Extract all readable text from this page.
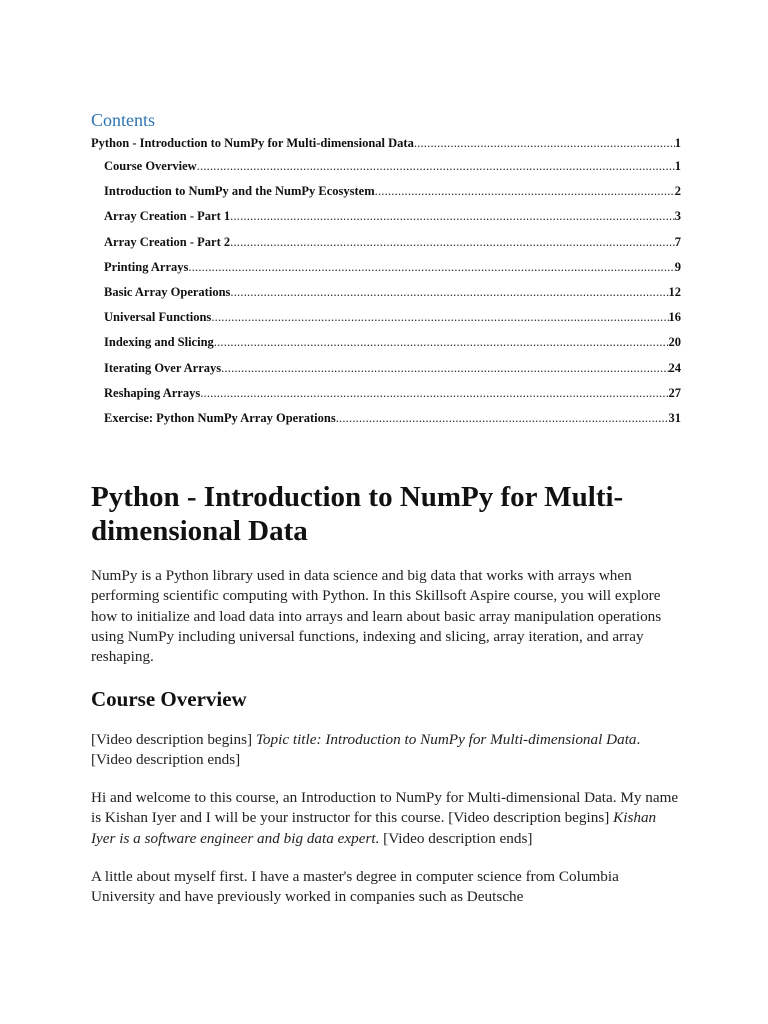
Contents
Python - Introduction to NumPy for Multi-dimensional Data .....	1
Course Overview .....	1
Introduction to NumPy and the NumPy Ecosystem .....	2
Array Creation - Part 1 .....	3
Array Creation - Part 2 .....	7
Printing Arrays .....	9
Basic Array Operations .....	12
Universal Functions .....	16
Indexing and Slicing .....	20
Iterating Over Arrays .....	24
Reshaping Arrays .....	27
Exercise: Python NumPy Array Operations .....	31
Python - Introduction to NumPy for Multi-dimensional Data

NumPy is a Python library used in data science and big data that works with arrays when performing scientific computing with Python. In this Skillsoft Aspire course, you will explore how to initialize and load data into arrays and learn about basic array manipulation operations using NumPy including universal functions, indexing and slicing, array iteration, and array reshaping.

Course Overview

[Video description begins] Topic title: Introduction to NumPy for Multi-dimensional Data. [Video description ends]

Hi and welcome to this course, an Introduction to NumPy for Multi-dimensional Data. My name is Kishan Iyer and I will be your instructor for this course. [Video description begins] Kishan Iyer is a software engineer and big data expert. [Video description ends]

A little about myself first. I have a master's degree in computer science from Columbia University and have previously worked in companies such as Deutsche
